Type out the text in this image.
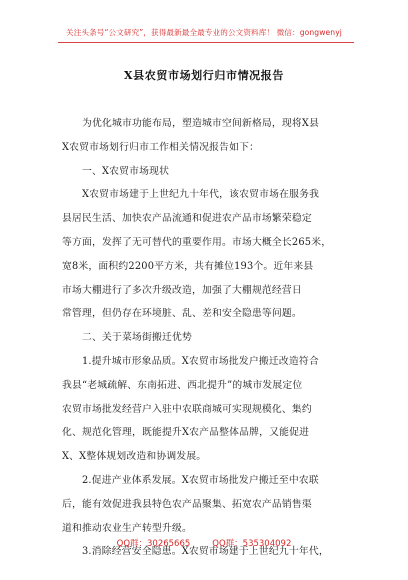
关注头条号“公文研究”，获得最新最全最专业的公文资料库！ 微信：gongwenyj
X县农贸市场划行归市情况报告
　　为优化城市功能布局，塑造城市空间新格局，现将X县
X农贸市场划行归市工作相关情况报告如下：
　　一、X农贸市场现状
　　X农贸市场建于上世纪九十年代，该农贸市场在服务我
县居民生活、加快农产品流通和促进农产品市场繁荣稳定
等方面，发挥了无可替代的重要作用。市场大概全长265米，
宽8米，面积约2200平方米，共有摊位193个。近年来县
市场大棚进行了多次升级改造，加强了大棚规范经营日
常管理，但仍存在环境脏、乱、差和安全隐患等问题。
　　二、关于菜场街搬迁优势
　　1.提升城市形象品质。X农贸市场批发户搬迁改造符合
我县“老城疏解、东南拓进、西北提升”的城市发展定位
农贸市场批发经营户入驻中农联商城可实现规模化、集约
化、规范化管理，既能提升X农产品整体品牌，又能促进
X、X整体规划改造和协调发展。
　　2.促进产业体系发展。X农贸市场批发户搬迁至中农联
后，能有效促进我县特色农产品聚集、拓宽农产品销售渠
道和推动农业生产转型升级。
　　3.消除经营安全隐患。X农贸市场建于上世纪九十年代，
QQ群：30265665	QQ群：535304092
